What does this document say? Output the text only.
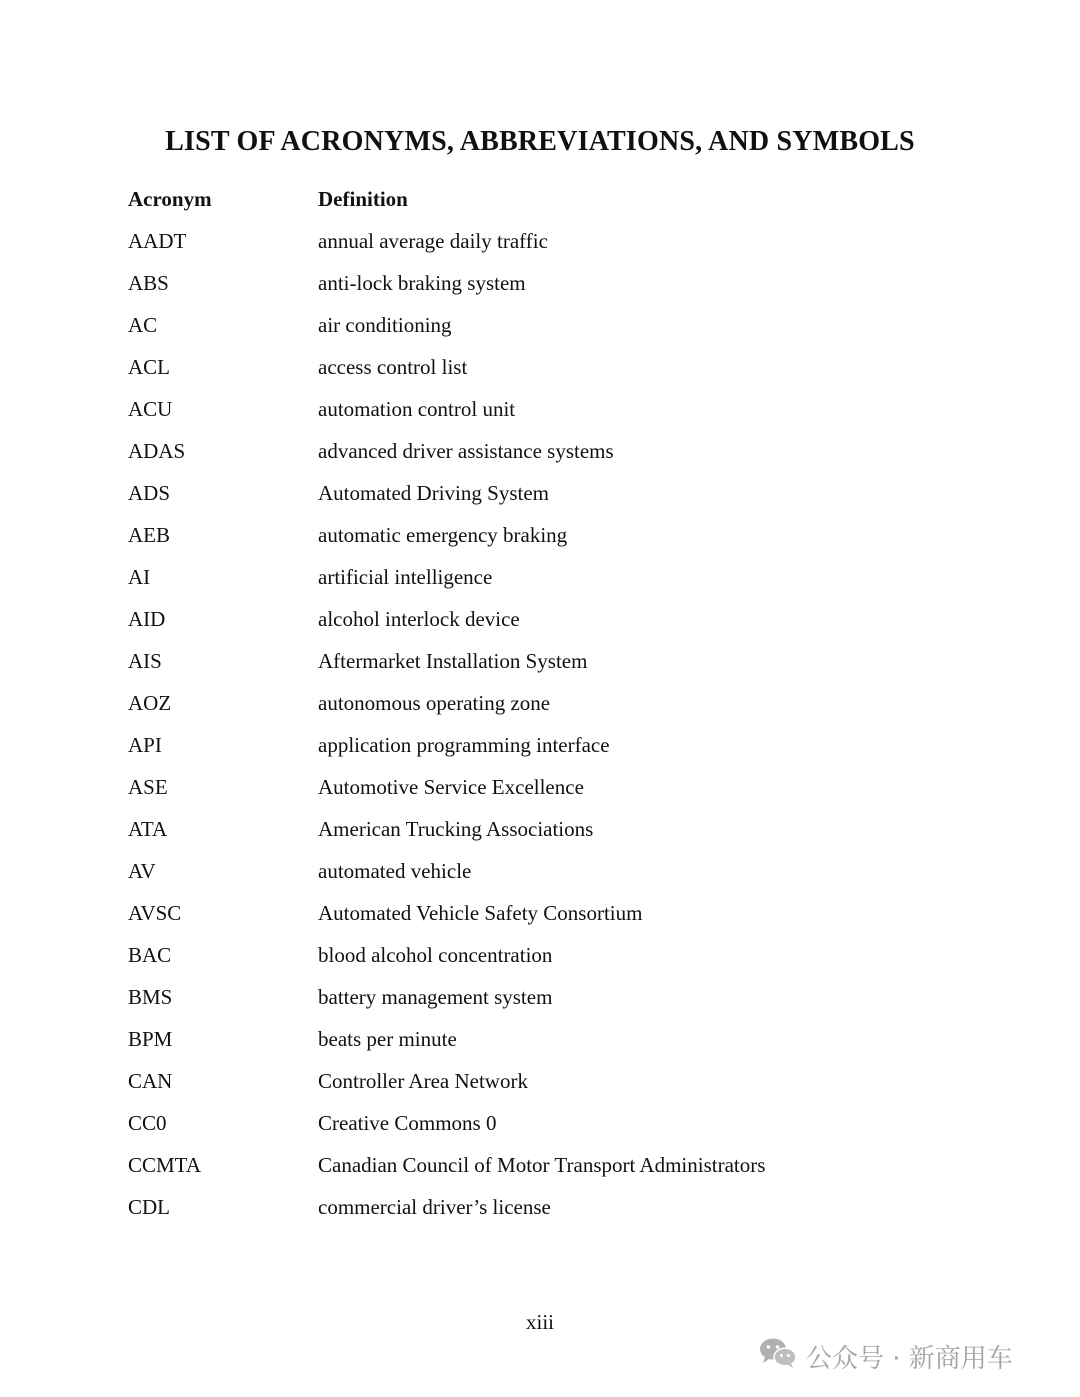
LIST OF ACRONYMS, ABBREVIATIONS, AND SYMBOLS
Acronym	Definition
AADT	annual average daily traffic
ABS	anti-lock braking system
AC	air conditioning
ACL	access control list
ACU	automation control unit
ADAS	advanced driver assistance systems
ADS	Automated Driving System
AEB	automatic emergency braking
AI	artificial intelligence
AID	alcohol interlock device
AIS	Aftermarket Installation System
AOZ	autonomous operating zone
API	application programming interface
ASE	Automotive Service Excellence
ATA	American Trucking Associations
AV	automated vehicle
AVSC	Automated Vehicle Safety Consortium
BAC	blood alcohol concentration
BMS	battery management system
BPM	beats per minute
CAN	Controller Area Network
CC0	Creative Commons 0
CCMTA	Canadian Council of Motor Transport Administrators
CDL	commercial driver’s license
xiii
公众号 · 新商用车
